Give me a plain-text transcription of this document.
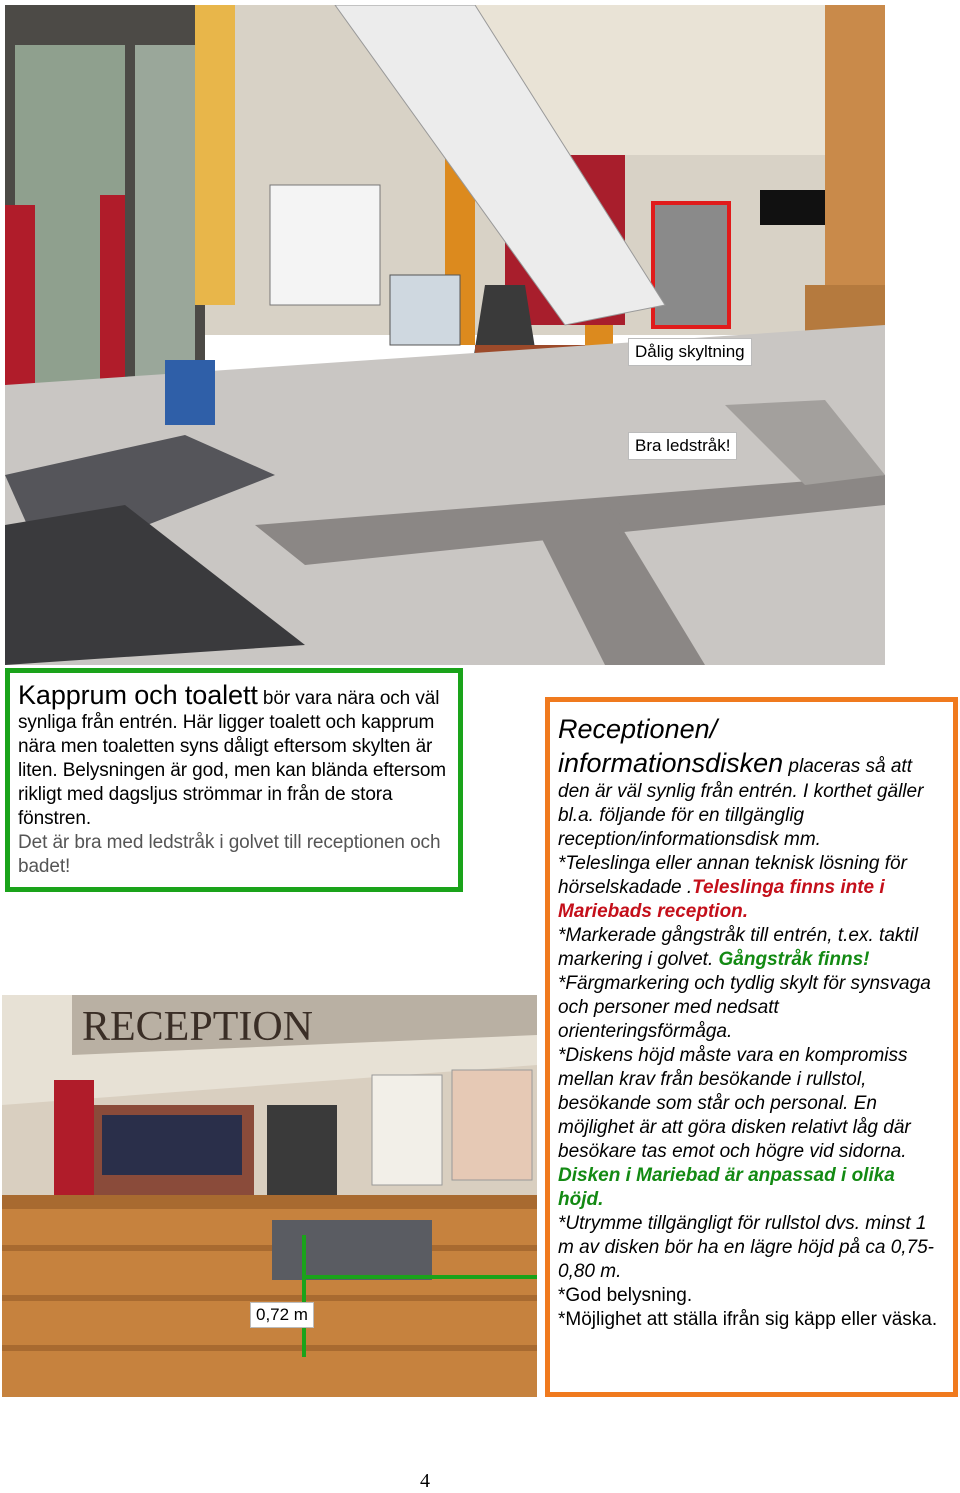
Dålig skyltning
Bra ledstråk!

Kapprum och toalett bör vara nära och väl synliga från entrén. Här ligger toalett och kapprum nära men toaletten syns dåligt eftersom skylten är liten. Belysningen är god, men kan blända eftersom rikligt med dagsljus strömmar in från de stora fönstren.

Det är bra med ledstråk i golvet till receptionen och badet!

RECEPTION
0,72 m

Receptionen/ informationsdisken placeras så att den är väl synlig från entrén. I korthet gäller bl.a. följande för en tillgänglig reception/informationsdisk mm.

*Teleslinga eller annan teknisk lösning för hörselskadade .Teleslinga finns inte i Mariebads reception.

*Markerade gångstråk till entrén, t.ex. taktil markering i golvet. Gångstråk finns!

*Färgmarkering och tydlig skylt för synsvaga och personer med nedsatt orienteringsförmåga.

*Diskens höjd måste vara en kompromiss mellan krav från besökande i rullstol, besökande som står och personal. En möjlighet är att göra disken relativt låg där besökare tas emot och högre vid sidorna. Disken i Mariebad är anpassad i olika höjd.

*Utrymme tillgängligt för rullstol dvs. minst 1 m av disken bör ha en lägre höjd på ca 0,75-0,80 m.

*God belysning.

*Möjlighet att ställa ifrån sig käpp eller väska.

4
